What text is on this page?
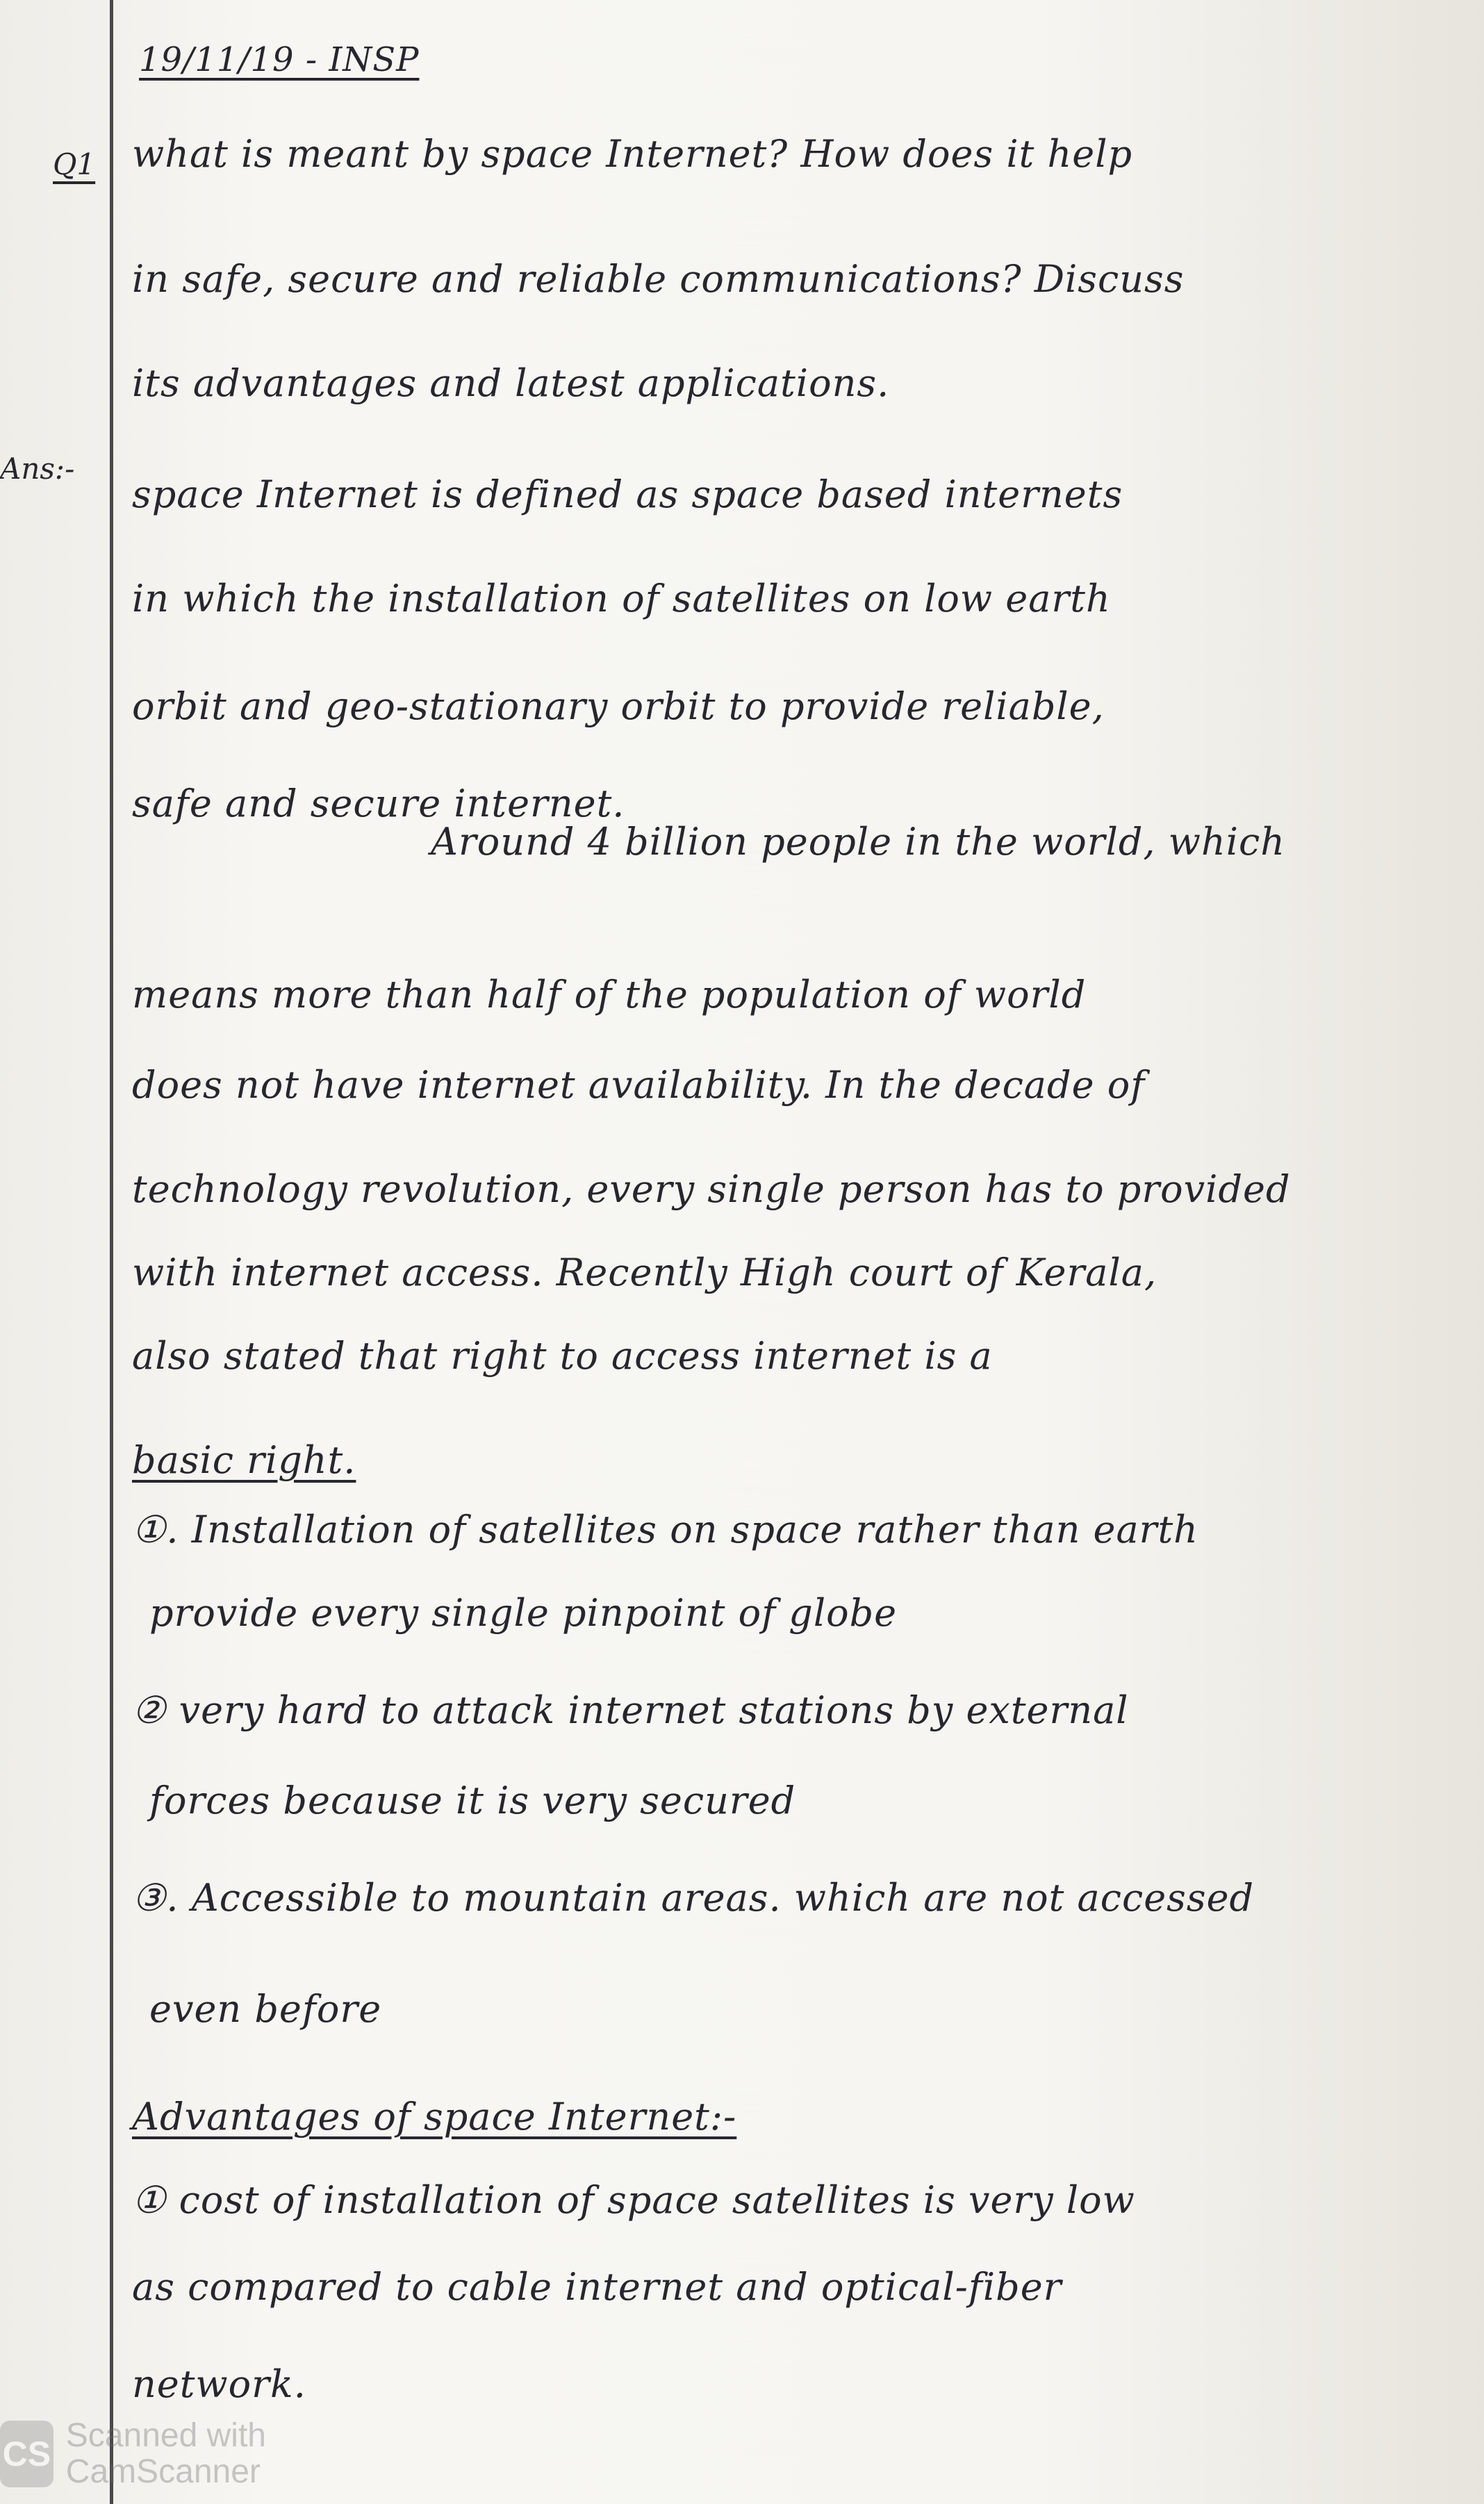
19/11/19 - INSP
Q1
Ans:-
what is meant by space Internet? How does it help
in safe, secure and reliable communications? Discuss
its advantages and latest applications.
space Internet is defined as space based internets
in which the installation of satellites on low earth
orbit and geo-stationary orbit to provide reliable,
safe and secure internet.
Around 4 billion people in the world, which
means more than half of the population of world
does not have internet availability. In the decade of
technology revolution, every single person has to provided
with internet access. Recently High court of Kerala,
also stated that right to access internet is a
basic right.
①. Installation of satellites on space rather than earth
provide every single pinpoint of globe
② very hard to attack internet stations by external
forces because it is very secured
③. Accessible to mountain areas. which are not accessed
even before
Advantages of space Internet:-
① cost of installation of space satellites is very low
as compared to cable internet and optical-fiber
network.
CS Scanned with CamScanner
